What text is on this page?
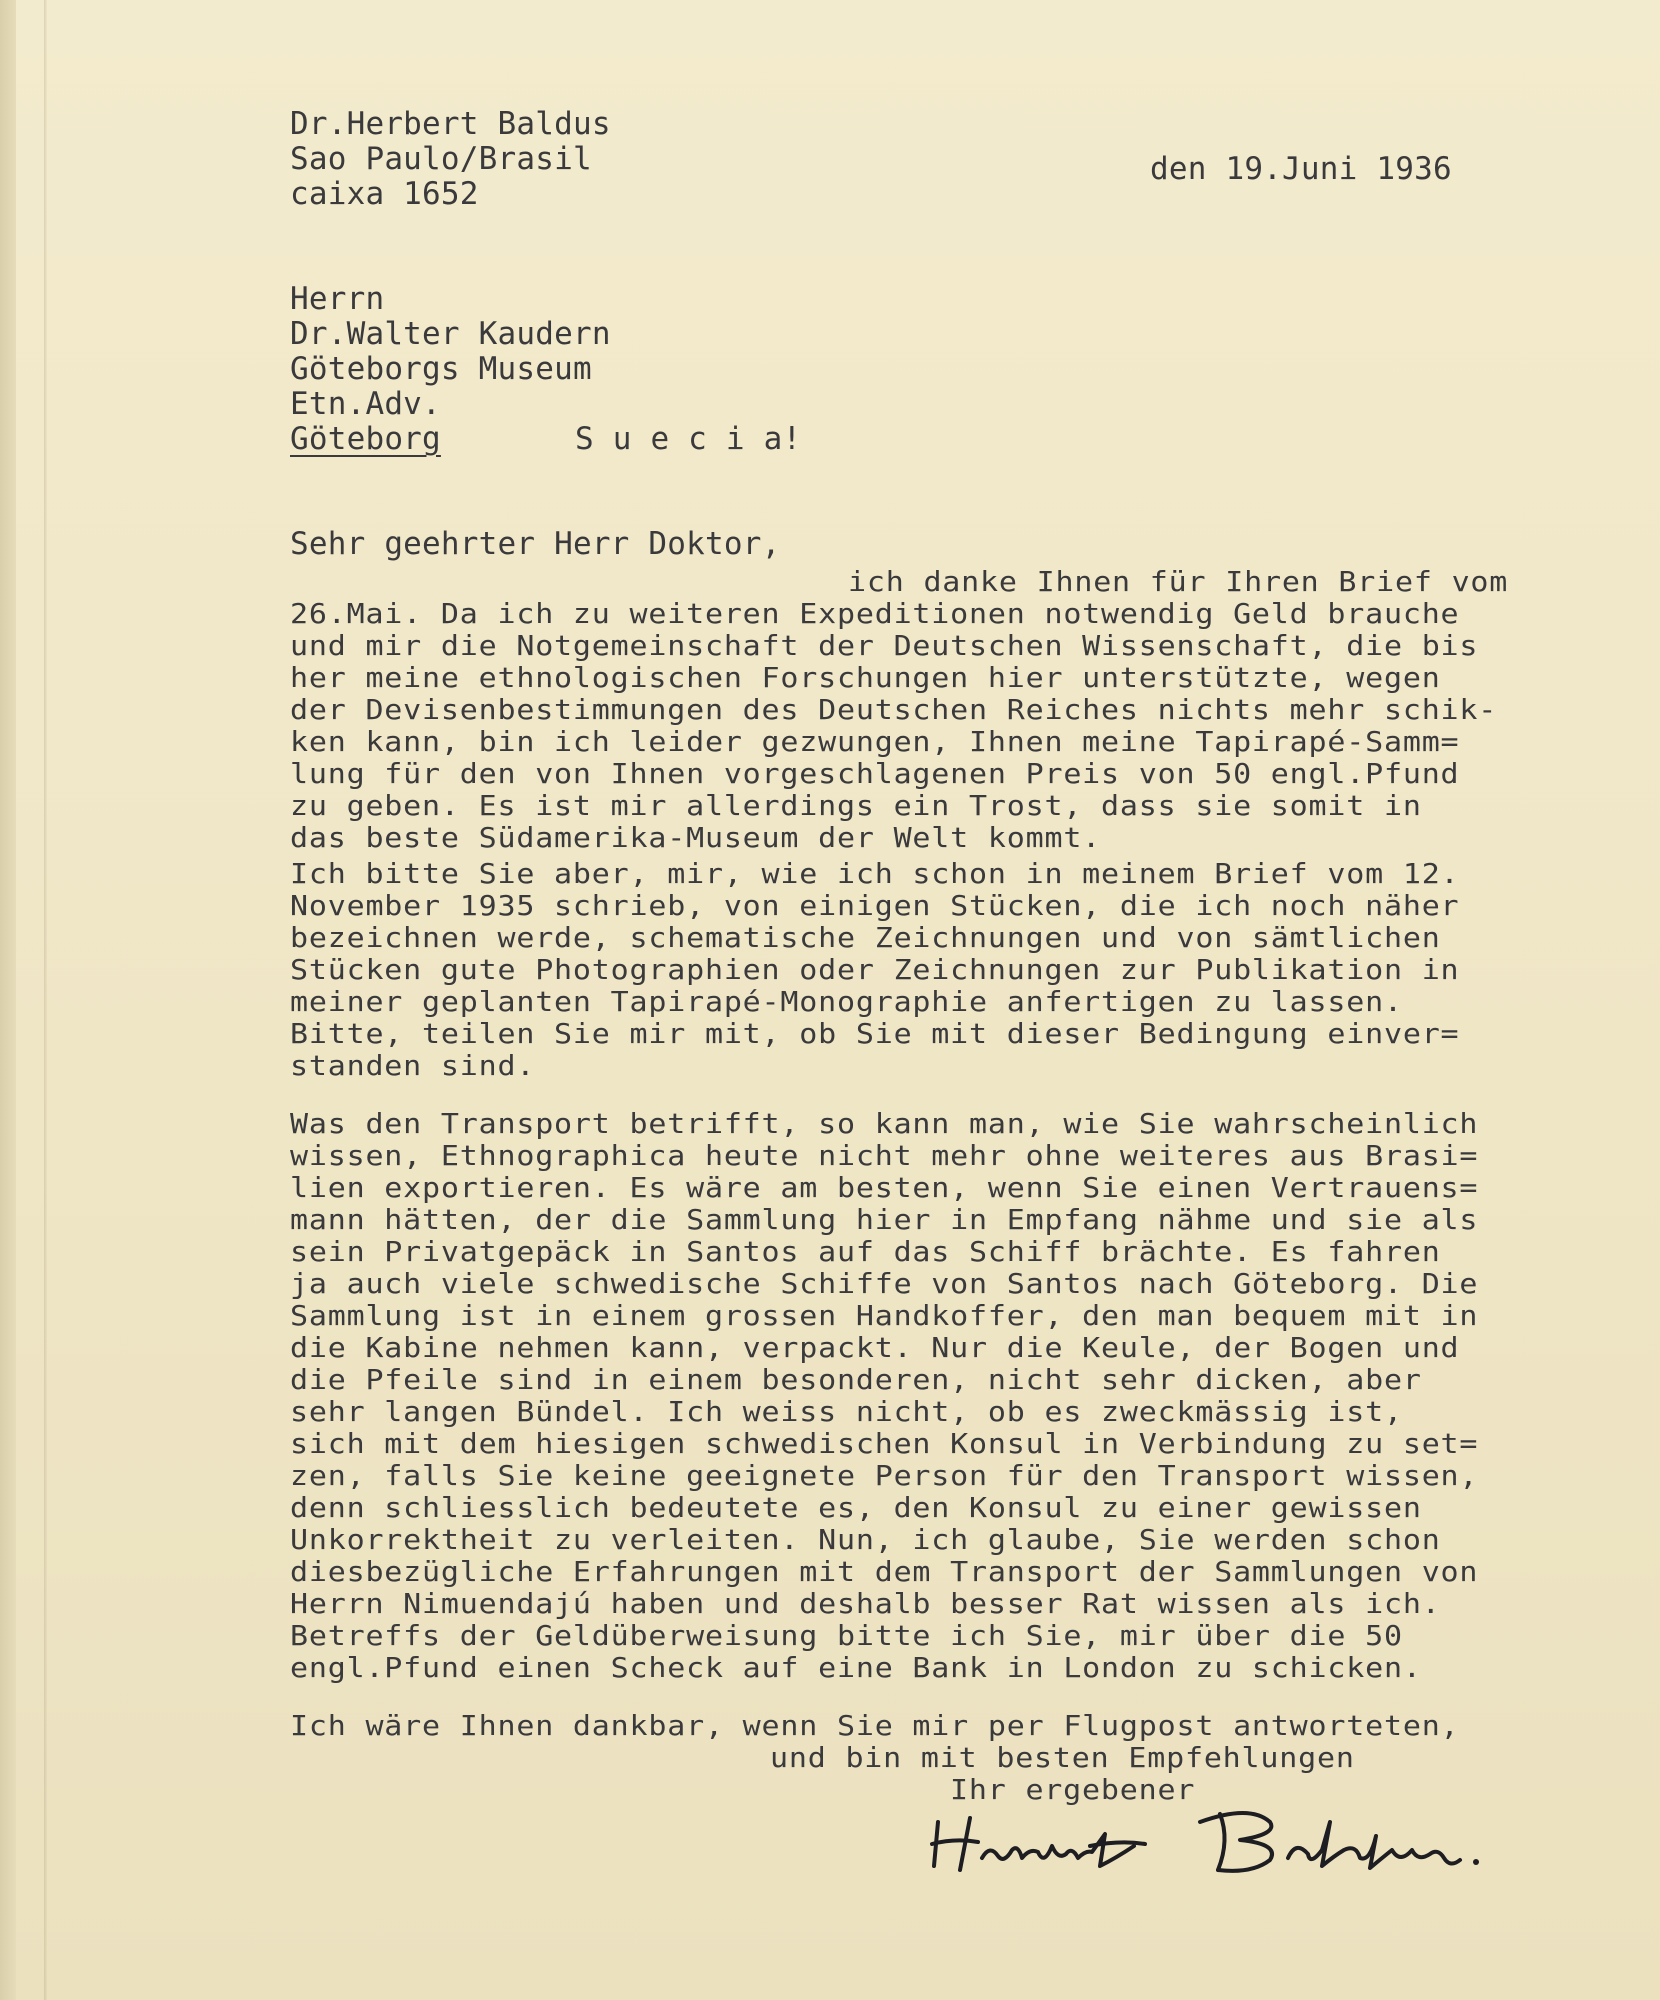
Dr.Herbert Baldus
Sao Paulo/Brasil
caixa 1652
den 19.Juni 1936
Herrn
Dr.Walter Kaudern
Göteborgs Museum
Etn.Adv.
Göteborg	S u e c i a!
Sehr geehrter Herr Doktor,
ich danke Ihnen für Ihren Brief vom
26.Mai. Da ich zu weiteren Expeditionen notwendig Geld brauche
und mir die Notgemeinschaft der Deutschen Wissenschaft, die bis
her meine ethnologischen Forschungen hier unterstützte, wegen
der Devisenbestimmungen des Deutschen Reiches nichts mehr schik-
ken kann, bin ich leider gezwungen, Ihnen meine Tapirapé-Samm=
lung für den von Ihnen vorgeschlagenen Preis von 50 engl.Pfund
zu geben. Es ist mir allerdings ein Trost, dass sie somit in
das beste Südamerika-Museum der Welt kommt.
Ich bitte Sie aber, mir, wie ich schon in meinem Brief vom 12.
November 1935 schrieb, von einigen Stücken, die ich noch näher
bezeichnen werde, schematische Zeichnungen und von sämtlichen
Stücken gute Photographien oder Zeichnungen zur Publikation in
meiner geplanten Tapirapé-Monographie anfertigen zu lassen.
Bitte, teilen Sie mir mit, ob Sie mit dieser Bedingung einver=
standen sind.
Was den Transport betrifft, so kann man, wie Sie wahrscheinlich
wissen, Ethnographica heute nicht mehr ohne weiteres aus Brasi=
lien exportieren. Es wäre am besten, wenn Sie einen Vertrauens=
mann hätten, der die Sammlung hier in Empfang nähme und sie als
sein Privatgepäck in Santos auf das Schiff brächte. Es fahren
ja auch viele schwedische Schiffe von Santos nach Göteborg. Die
Sammlung ist in einem grossen Handkoffer, den man bequem mit in
die Kabine nehmen kann, verpackt. Nur die Keule, der Bogen und
die Pfeile sind in einem besonderen, nicht sehr dicken, aber
sehr langen Bündel. Ich weiss nicht, ob es zweckmässig ist,
sich mit dem hiesigen schwedischen Konsul in Verbindung zu set=
zen, falls Sie keine geeignete Person für den Transport wissen,
denn schliesslich bedeutete es, den Konsul zu einer gewissen
Unkorrektheit zu verleiten. Nun, ich glaube, Sie werden schon
diesbezügliche Erfahrungen mit dem Transport der Sammlungen von
Herrn Nimuendajú haben und deshalb besser Rat wissen als ich.
Betreffs der Geldüberweisung bitte ich Sie, mir über die 50
engl.Pfund einen Scheck auf eine Bank in London zu schicken.
Ich wäre Ihnen dankbar, wenn Sie mir per Flugpost antworteten,
und bin mit besten Empfehlungen
Ihr ergebener
